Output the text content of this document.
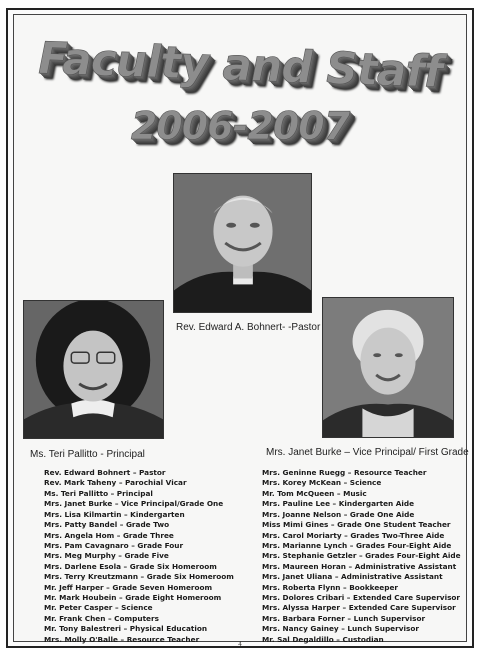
Faculty and Staff
2006-2007
Rev. Edward A. Bohnert- -Pastor
Ms. Teri Pallitto - Principal	Mrs. Janet Burke – Vice Principal/ First Grade
Rev. Edward Bohnert – Pastor
Rev. Mark Taheny – Parochial Vicar
Ms. Teri Pallitto – Principal
Mrs. Janet Burke – Vice Principal/Grade One
Mrs. Lisa Kilmartin – Kindergarten
Mrs. Patty Bandel – Grade Two
Mrs. Angela Hom – Grade Three
Mrs. Pam Cavagnaro – Grade Four
Mrs. Meg Murphy – Grade Five
Mrs. Darlene Esola – Grade Six Homeroom
Mrs. Terry Kreutzmann – Grade Six Homeroom
Mr. Jeff Harper – Grade Seven Homeroom
Mr. Mark Houbein – Grade Eight Homeroom
Mr. Peter Casper – Science
Mr. Frank Chen – Computers
Mr. Tony Balestreri – Physical Education
Mrs. Molly O'Balle – Resource Teacher
Mrs. Geninne Ruegg – Resource Teacher
Mrs. Korey McKean – Science
Mr. Tom McQueen – Music
Mrs. Pauline Lee – Kindergarten Aide
Mrs. Joanne Nelson – Grade One Aide
Miss Mimi Gines – Grade One Student Teacher
Mrs. Carol Moriarty – Grades Two-Three Aide
Mrs. Marianne Lynch – Grades Four-Eight Aide
Mrs. Stephanie Getzler – Grades Four-Eight Aide
Mrs. Maureen Horan – Administrative Assistant
Mrs. Janet Uliana – Administrative Assistant
Mrs. Roberta Flynn – Bookkeeper
Mrs. Dolores Cribari – Extended Care Supervisor
Mrs. Alyssa Harper – Extended Care Supervisor
Mrs. Barbara Forner – Lunch Supervisor
Mrs. Nancy Gainey – Lunch Supervisor
Mr. Sal Degaldillo – Custodian
4
